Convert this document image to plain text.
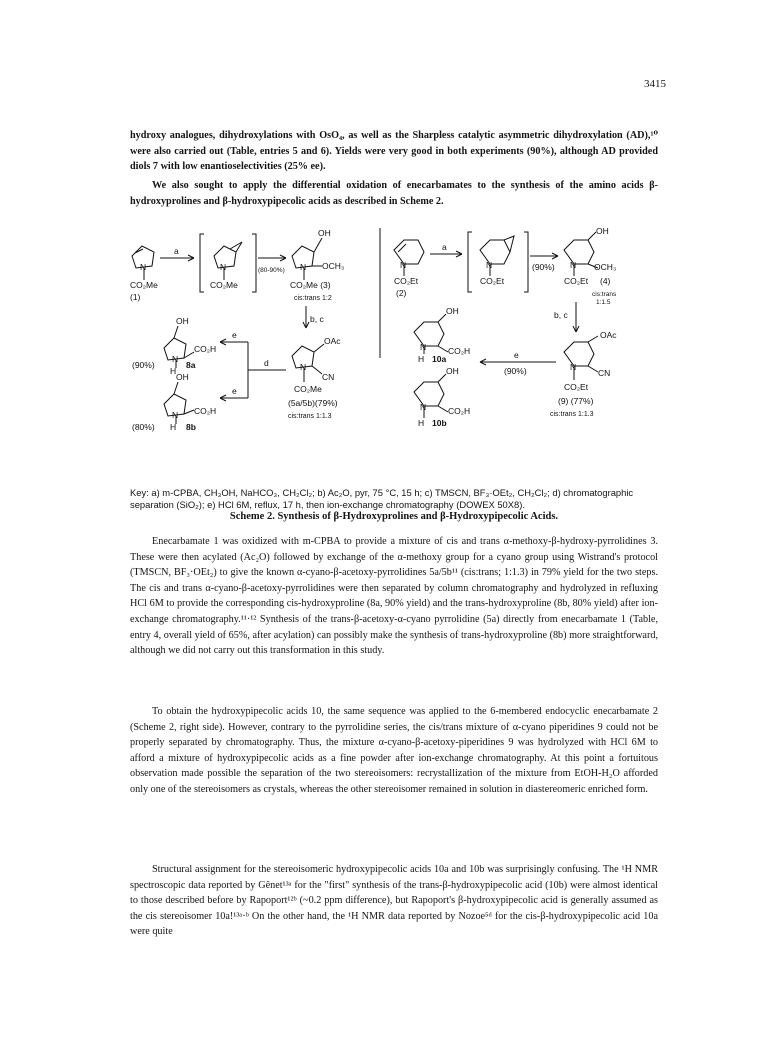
3415

hydroxy analogues, dihydroxylations with OsO₄, as well as the Sharpless catalytic asymmetric dihydroxylation (AD),¹⁰ were also carried out (Table, entries 5 and 6). Yields were very good in both experiments (90%), although AD provided diols 7 with low enantioselectivities (25% ee).

We also sought to apply the differential oxidation of enecarbamates to the synthesis of the amino acids β-hydroxyprolines and β-hydroxypipecolic acids as described in Scheme 2.

N
CO₂Me
(1)
a
N
CO₂Me
(80-90%)
OH
N OCH₃
CO₂Me (3)
cis:trans 1:2
b, c
OAc
N
CN
CO₂Me
(5a/5b)(79%)
cis:trans 1:1.3
d
e
e
OH
CO₂H
N
H
(90%)	8a
OH
CO₂H
N
H
(80%)	8b
N
CO₂Et
(2)
a
N
CO₂Et
(90%)
OH
N OCH₃
CO₂Et (4)
cis:trans
1:1.5
b, c
OAc
N
CN
CO₂Et
(9) (77%)
cis:trans 1:1.3
e
(90%)
OH
CO₂H
N
H 10a
OH
CO₂H
N
H 10b

Key: a) m-CPBA, CH₃OH, NaHCO₃, CH₂Cl₂; b) Ac₂O, pyr, 75 °C, 15 h; c) TMSCN, BF₃·OEt₂, CH₂Cl₂; d) chromatographic separation (SiO₂); e) HCl 6M, reflux, 17 h, then ion-exchange chromatography (DOWEX 50X8).

Scheme 2. Synthesis of β-Hydroxyprolines and β-Hydroxypipecolic Acids.

Enecarbamate 1 was oxidized with m-CPBA to provide a mixture of cis and trans α-methoxy-β-hydroxy-pyrrolidines 3. These were then acylated (Ac₂O) followed by exchange of the α-methoxy group for a cyano group using Wistrand's protocol (TMSCN, BF₃·OEt₂) to give the known α-cyano-β-acetoxy-pyrrolidines 5a/5b¹¹ (cis:trans; 1:1.3) in 79% yield for the two steps. The cis and trans α-cyano-β-acetoxy-pyrrolidines were then separated by column chromatography and hydrolyzed in refluxing HCl 6M to provide the corresponding cis-hydroxyproline (8a, 90% yield) and the trans-hydroxyproline (8b, 80% yield) after ion-exchange chromatography.¹¹·¹² Synthesis of the trans-β-acetoxy-α-cyano pyrrolidine (5a) directly from enecarbamate 1 (Table, entry 4, overall yield of 65%, after acylation) can possibly make the synthesis of trans-hydroxyproline (8b) more straightforward, although we did not carry out this transformation in this study.

To obtain the hydroxypipecolic acids 10, the same sequence was applied to the 6-membered endocyclic enecarbamate 2 (Scheme 2, right side). However, contrary to the pyrrolidine series, the cis/trans mixture of α-cyano piperidines 9 could not be properly separated by chromatography. Thus, the mixture α-cyano-β-acetoxy-piperidines 9 was hydrolyzed with HCl 6M to afford a mixture of hydroxypipecolic acids as a fine powder after ion-exchange chromatography. At this point a fortuitous observation made possible the separation of the two stereoisomers: recrystallization of the mixture from EtOH-H₂O afforded only one of the stereoisomers as crystals, whereas the other stereoisomer remained in solution in diastereomeric enriched form.

Structural assignment for the stereoisomeric hydroxypipecolic acids 10a and 10b was surprisingly confusing. The ¹H NMR spectroscopic data reported by Gênet¹³ᵃ for the "first" synthesis of the trans-β-hydroxypipecolic acid (10b) were almost identical to those described before by Rapoport¹²ᵇ (~0.2 ppm difference), but Rapoport's β-hydroxypipecolic acid is generally assumed as the cis stereoisomer 10a!¹³ᵃ·ᵇ On the other hand, the ¹H NMR data reported by Nozoe⁵ᵈ for the cis-β-hydroxypipecolic acid 10a were quite
